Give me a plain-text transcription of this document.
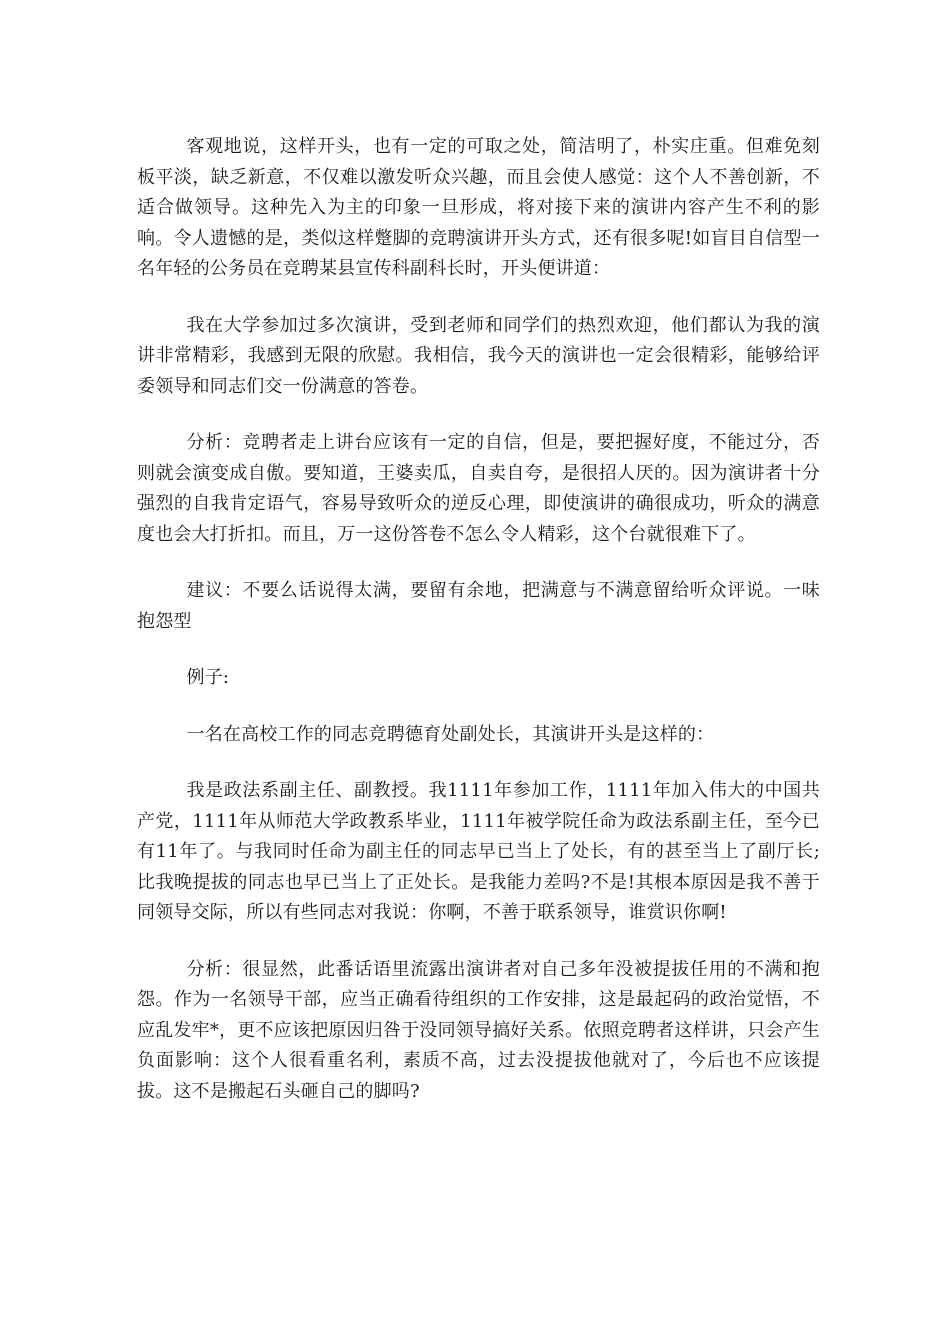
客观地说，这样开头，也有一定的可取之处，简洁明了，朴实庄重。但难免刻板平淡，缺乏新意，不仅难以激发听众兴趣，而且会使人感觉：这个人不善创新，不适合做领导。这种先入为主的印象一旦形成，将对接下来的演讲内容产生不利的影响。令人遗憾的是，类似这样蹩脚的竞聘演讲开头方式，还有很多呢!如盲目自信型一名年轻的公务员在竞聘某县宣传科副科长时，开头便讲道：

我在大学参加过多次演讲，受到老师和同学们的热烈欢迎，他们都认为我的演讲非常精彩，我感到无限的欣慰。我相信，我今天的演讲也一定会很精彩，能够给评委领导和同志们交一份满意的答卷。

分析：竞聘者走上讲台应该有一定的自信，但是，要把握好度，不能过分，否则就会演变成自傲。要知道，王婆卖瓜，自卖自夸，是很招人厌的。因为演讲者十分强烈的自我肯定语气，容易导致听众的逆反心理，即使演讲的确很成功，听众的满意度也会大打折扣。而且，万一这份答卷不怎么令人精彩，这个台就很难下了。

建议：不要么话说得太满，要留有余地，把满意与不满意留给听众评说。一味抱怨型

例子:

一名在高校工作的同志竞聘德育处副处长，其演讲开头是这样的：

我是政法系副主任、副教授。我1111年参加工作，1111年加入伟大的中国共产党，1111年从师范大学政教系毕业，1111年被学院任命为政法系副主任，至今已有11年了。与我同时任命为副主任的同志早已当上了处长，有的甚至当上了副厅长;比我晚提拔的同志也早已当上了正处长。是我能力差吗?不是!其根本原因是我不善于同领导交际，所以有些同志对我说：你啊，不善于联系领导，谁赏识你啊!

分析：很显然，此番话语里流露出演讲者对自己多年没被提拔任用的不满和抱怨。作为一名领导干部，应当正确看待组织的工作安排，这是最起码的政治觉悟，不应乱发牢*，更不应该把原因归咎于没同领导搞好关系。依照竞聘者这样讲，只会产生负面影响：这个人很看重名利，素质不高，过去没提拔他就对了，今后也不应该提拔。这不是搬起石头砸自己的脚吗?
